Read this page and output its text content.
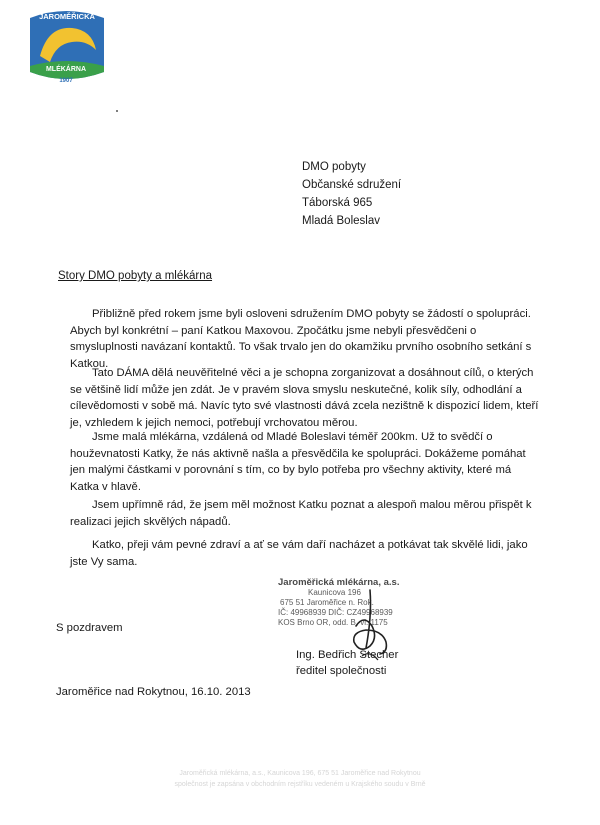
JAROMĚŘICKÁ
MLÉKÁRNA
1907
DMO pobyty
Občanské sdružení
Táborská 965
Mladá Boleslav
Story DMO pobyty a mlékárna

Přibližně před rokem jsme byli osloveni sdružením DMO pobyty se žádostí o spolupráci. Abych byl konkrétní – paní Katkou Maxovou. Zpočátku jsme nebyli přesvědčeni o smysluplnosti navázaní kontaktů. To však trvalo jen do okamžiku prvního osobního setkání s Katkou.

Tato DÁMA dělá neuvěřitelné věci a je schopna zorganizovat a dosáhnout cílů, o kterých se většině lidí může jen zdát. Je v pravém slova smyslu neskutečné, kolik síly, odhodlání a cílevědomosti v sobě má. Navíc tyto své vlastnosti dává zcela nezištně k dispozicí lidem, kteří je, vzhledem k jejich nemoci, potřebují vrchovatou měrou.

Jsme malá mlékárna, vzdálená od Mladé Boleslavi téměř 200km. Už to svědčí o houževnatosti Katky, že nás aktivně našla a přesvědčila ke spolupráci. Dokážeme pomáhat jen malými částkami v porovnání s tím, co by bylo potřeba pro všechny aktivity, které má Katka v hlavě.

Jsem upřímně rád, že jsem měl možnost Katku poznat a alespoň malou měrou přispět k realizaci jejich skvělých nápadů.

Katko, přeji vám pevné zdraví a ať se vám daří nacházet a potkávat tak skvělé lidi, jako jste Vy sama.

Jaroměřická mlékárna, a.s.
Kaunicova 196
675 51 Jaroměřice n. Rok.
IČ: 49968939 DIČ: CZ49968939
KOS Brno OR, odd. B, vl. 1175
S pozdravem
Ing. Bedřich Štecher
ředitel společnosti
Jaroměřice nad Rokytnou, 16.10. 2013
Jaroměřická mlékárna, a.s., Kaunicova 196, 675 51 Jaroměřice nad Rokytnou
společnost je zapsána v obchodním rejstříku vedeném u Krajského soudu v Brně
